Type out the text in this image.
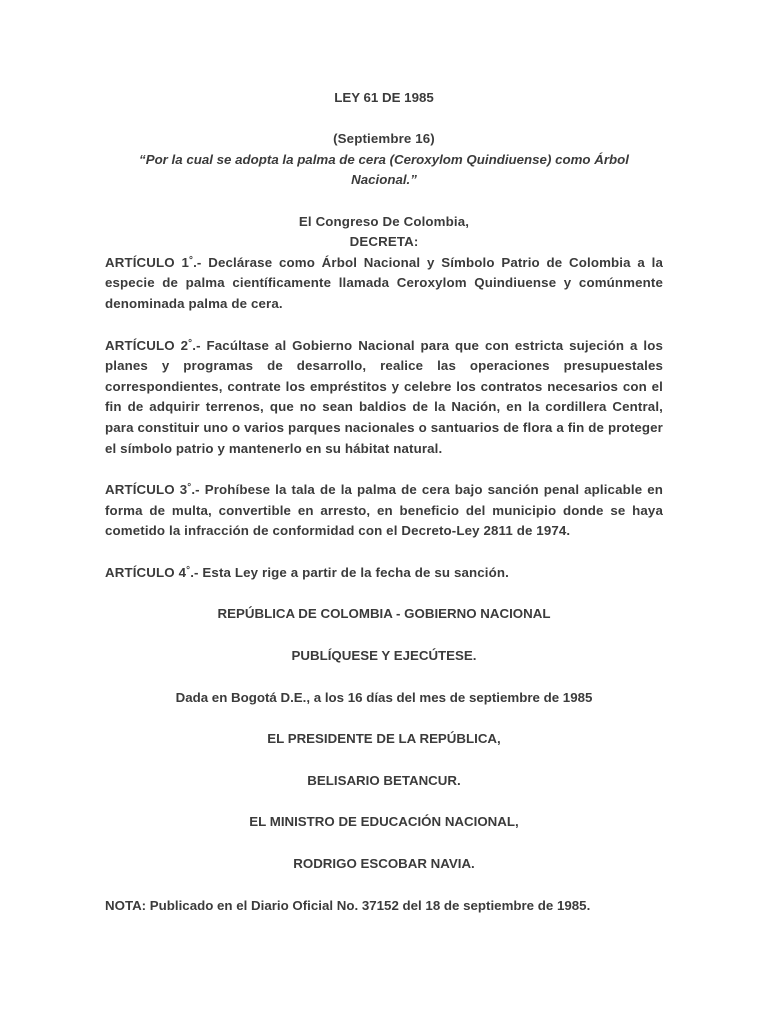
LEY 61 DE 1985

(Septiembre 16)

“Por la cual se adopta la palma de cera (Ceroxylom Quindiuense) como Árbol Nacional.”

El Congreso De Colombia,

DECRETA:

ARTÍCULO 1°.- Declárase como Árbol Nacional y Símbolo Patrio de Colombia a la especie de palma científicamente llamada Ceroxylom Quindiuense y comúnmente denominada palma de cera.

ARTÍCULO 2°.- Facúltase al Gobierno Nacional para que con estricta sujeción a los planes y programas de desarrollo, realice las operaciones presupuestales correspondientes, contrate los empréstitos y celebre los contratos necesarios con el fin de adquirir terrenos, que no sean baldios de la Nación, en la cordillera Central, para constituir uno o varios parques nacionales o santuarios de flora a fin de proteger el símbolo patrio y mantenerlo en su hábitat natural.

ARTÍCULO 3°.- Prohíbese la tala de la palma de cera bajo sanción penal aplicable en forma de multa, convertible en arresto, en beneficio del municipio donde se haya cometido la infracción de conformidad con el Decreto-Ley 2811 de 1974.

ARTÍCULO 4°.- Esta Ley rige a partir de la fecha de su sanción.

REPÚBLICA DE COLOMBIA - GOBIERNO NACIONAL

PUBLÍQUESE Y EJECÚTESE.

Dada en Bogotá D.E., a los 16 días del mes de septiembre de 1985

EL PRESIDENTE DE LA REPÚBLICA,

BELISARIO BETANCUR.

EL MINISTRO DE EDUCACIÓN NACIONAL,

RODRIGO ESCOBAR NAVIA.

NOTA: Publicado en el Diario Oficial No. 37152 del 18 de septiembre de 1985.
